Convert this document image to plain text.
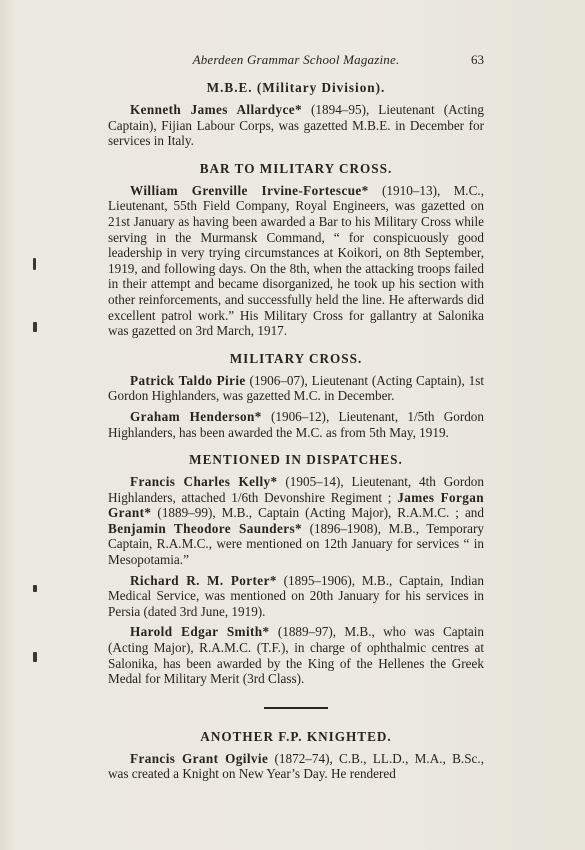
Aberdeen Grammar School Magazine.	63
M.B.E. (Military Division).

Kenneth James Allardyce* (1894–95), Lieutenant (Acting Captain), Fijian Labour Corps, was gazetted M.B.E. in December for services in Italy.

BAR TO MILITARY CROSS.

William Grenville Irvine-Fortescue* (1910–13), M.C., Lieutenant, 55th Field Company, Royal Engineers, was gazetted on 21st January as having been awarded a Bar to his Military Cross while serving in the Murmansk Command, “ for conspicuously good leadership in very trying circumstances at Koikori, on 8th September, 1919, and following days. On the 8th, when the attacking troops failed in their attempt and became disorganized, he took up his section with other reinforcements, and successfully held the line. He afterwards did excellent patrol work.” His Military Cross for gallantry at Salonika was gazetted on 3rd March, 1917.

MILITARY CROSS.

Patrick Taldo Pirie (1906–07), Lieutenant (Acting Captain), 1st Gordon Highlanders, was gazetted M.C. in December.

Graham Henderson* (1906–12), Lieutenant, 1/5th Gordon Highlanders, has been awarded the M.C. as from 5th May, 1919.

MENTIONED IN DISPATCHES.

Francis Charles Kelly* (1905–14), Lieutenant, 4th Gordon Highlanders, attached 1/6th Devonshire Regiment ; James Forgan Grant* (1889–99), M.B., Captain (Acting Major), R.A.M.C. ; and Benjamin Theodore Saunders* (1896–1908), M.B., Temporary Captain, R.A.M.C., were mentioned on 12th January for services “ in Mesopotamia.”

Richard R. M. Porter* (1895–1906), M.B., Captain, Indian Medical Service, was mentioned on 20th January for his services in Persia (dated 3rd June, 1919).

Harold Edgar Smith* (1889–97), M.B., who was Captain (Acting Major), R.A.M.C. (T.F.), in charge of ophthalmic centres at Salonika, has been awarded by the King of the Hellenes the Greek Medal for Military Merit (3rd Class).

ANOTHER F.P. KNIGHTED.

Francis Grant Ogilvie (1872–74), C.B., LL.D., M.A., B.Sc., was created a Knight on New Year’s Day. He rendered
